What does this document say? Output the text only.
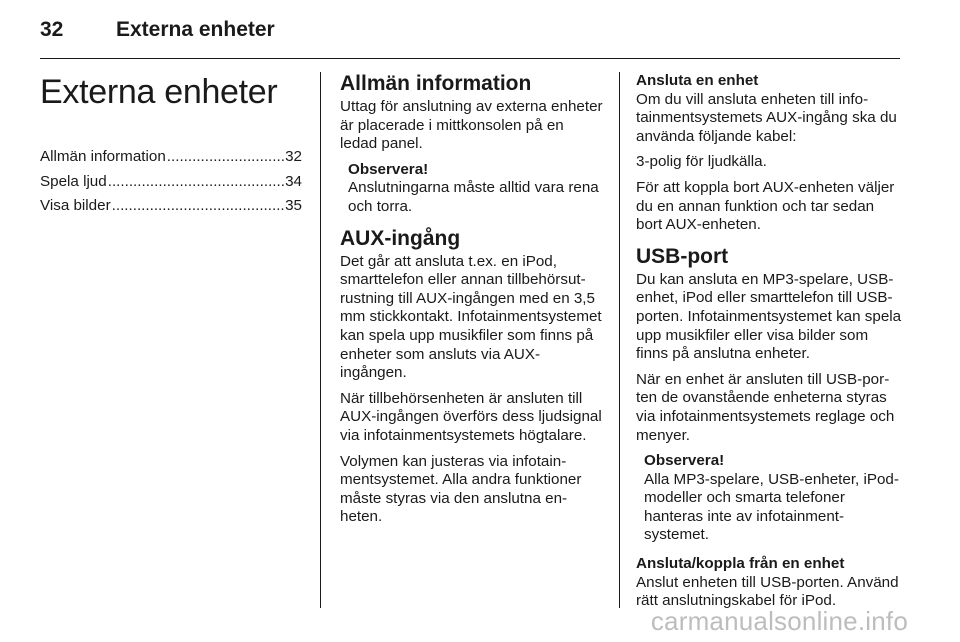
32	Externa enheter
Externa enheter
Allmän information .....	32
Spela ljud .....	34
Visa bilder .....	35
Allmän information

Uttag för anslutning av externa enheter är placerade i mittkonsolen på en ledad panel.

Observera!
Anslutningarna måste alltid vara rena och torra.
AUX-ingång

Det går att ansluta t.ex. en iPod, smarttelefon eller annan tillbehörsutrustning till AUX-ingången med en 3,5 mm stickkontakt. Infotainmentsystemet kan spela upp musikfiler som finns på enheter som ansluts via AUX-ingången.

När tillbehörsenheten är ansluten till AUX-ingången överförs dess ljudsignal via infotainmentsystemets högtalare.

Volymen kan justeras via infotainmentsystemet. Alla andra funktioner måste styras via den anslutna enheten.

Ansluta en enhet

Om du vill ansluta enheten till infotainmentsystemets AUX-ingång ska du använda följande kabel:

3-polig för ljudkälla.

För att koppla bort AUX-enheten väljer du en annan funktion och tar sedan bort AUX-enheten.

USB-port

Du kan ansluta en MP3-spelare, USB-enhet, iPod eller smarttelefon till USB-porten. Infotainmentsystemet kan spela upp musikfiler eller visa bilder som finns på anslutna enheter.

När en enhet är ansluten till USB-porten de ovanstående enheterna styras via infotainmentsystemets reglage och menyer.

Observera!
Alla MP3-spelare, USB-enheter, iPod-modeller och smarta telefoner hanteras inte av infotainmentsystemet.
Ansluta/koppla från en enhet

Anslut enheten till USB-porten. Använd rätt anslutningskabel för iPod.

carmanualsonline.info
